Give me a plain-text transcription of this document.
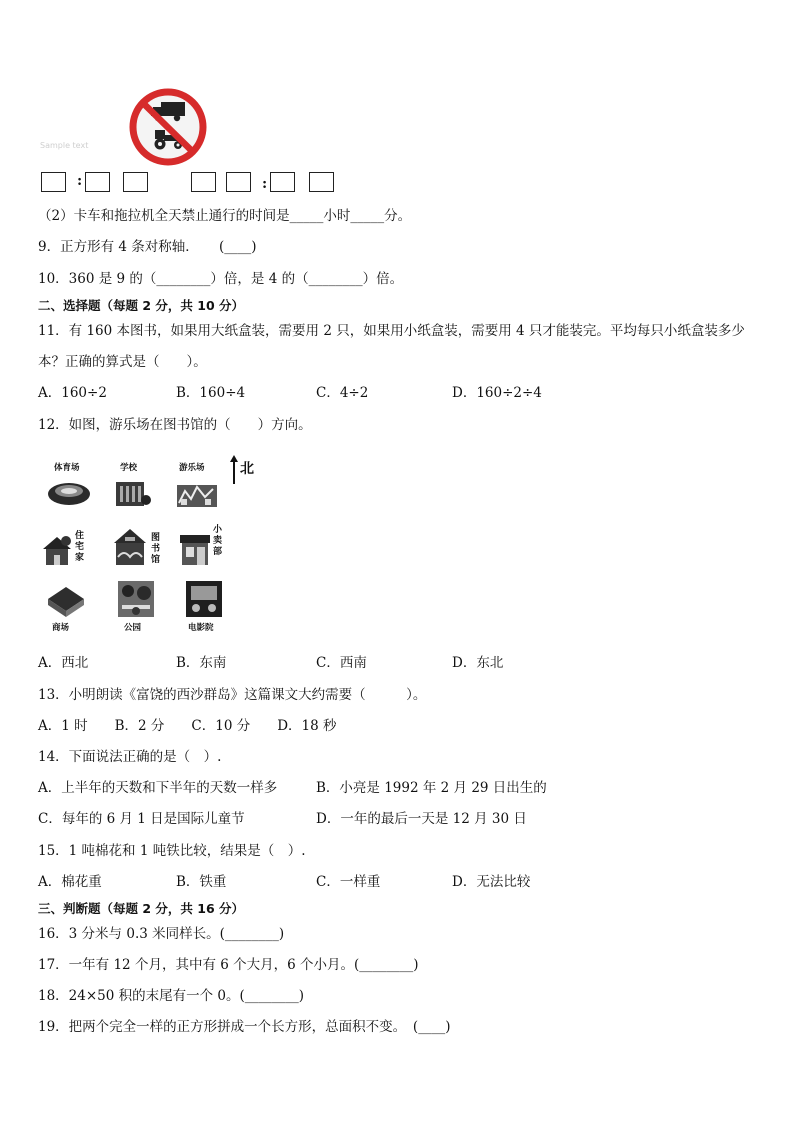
Sample text
:	:
（2）卡车和拖拉机全天禁止通行的时间是_____小时_____分。
9．正方形有 4 条对称轴．　　(____)
10．360 是 9 的（________）倍，是 4 的（________）倍。
二、选择题（每题 2 分，共 10 分）
11．有 160 本图书，如果用大纸盒装，需要用 2 只，如果用小纸盒装，需要用 4 只才能装完。平均每只小纸盒装多少
本？正确的算式是（　　）。
A．160÷2	B．160÷4	C．4÷2	D．160÷2÷4
12．如图，游乐场在图书馆的（　　）方向。
北
体育场	学校	游乐场
住宅家
图书馆
小卖部
商场	公园	电影院
A．西北	B．东南	C．西南	D．东北
13．小明朗读《富饶的西沙群岛》这篇课文大约需要（　　　）。
A．1 时　　B．2 分　　C．10 分　　D．18 秒
14．下面说法正确的是（　）.
A．上半年的天数和下半年的天数一样多	B．小亮是 1992 年 2 月 29 日出生的
C．每年的 6 月 1 日是国际儿童节	D．一年的最后一天是 12 月 30 日
15．1 吨棉花和 1 吨铁比较，结果是（　）.
A．棉花重	B．铁重	C．一样重	D．无法比较
三、判断题（每题 2 分，共 16 分）
16．3 分米与 0.3 米同样长。(________)
17．一年有 12 个月，其中有 6 个大月，6 个小月。(________)
18．24×50 积的末尾有一个 0。(________)
19．把两个完全一样的正方形拼成一个长方形，总面积不变。　(____)
